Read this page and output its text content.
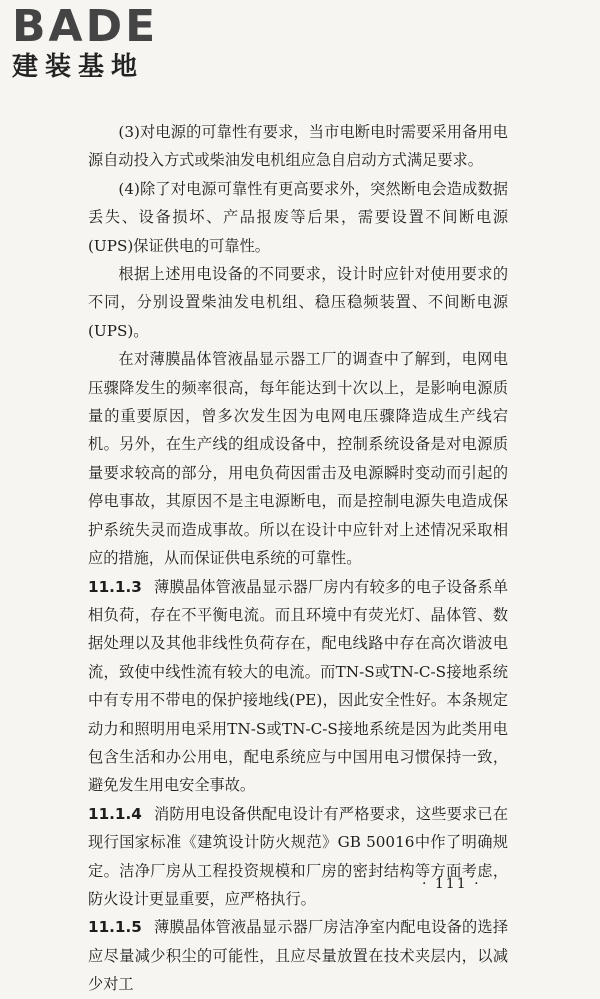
BADE
建装基地

(3)对电源的可靠性有要求，当市电断电时需要采用备用电源自动投入方式或柴油发电机组应急自启动方式满足要求。

(4)除了对电源可靠性有更高要求外，突然断电会造成数据丢失、设备损坏、产品报废等后果，需要设置不间断电源(UPS)保证供电的可靠性。

根据上述用电设备的不同要求，设计时应针对使用要求的不同，分别设置柴油发电机组、稳压稳频装置、不间断电源(UPS)。

在对薄膜晶体管液晶显示器工厂的调查中了解到，电网电压骤降发生的频率很高，每年能达到十次以上，是影响电源质量的重要原因，曾多次发生因为电网电压骤降造成生产线宕机。另外，在生产线的组成设备中，控制系统设备是对电源质量要求较高的部分，用电负荷因雷击及电源瞬时变动而引起的停电事故，其原因不是主电源断电，而是控制电源失电造成保护系统失灵而造成事故。所以在设计中应针对上述情况采取相应的措施，从而保证供电系统的可靠性。

11.1.3 薄膜晶体管液晶显示器厂房内有较多的电子设备系单相负荷，存在不平衡电流。而且环境中有荧光灯、晶体管、数据处理以及其他非线性负荷存在，配电线路中存在高次谐波电流，致使中线性流有较大的电流。而TN-S或TN-C-S接地系统中有专用不带电的保护接地线(PE)，因此安全性好。本条规定动力和照明用电采用TN-S或TN-C-S接地系统是因为此类用电包含生活和办公用电，配电系统应与中国用电习惯保持一致，避免发生用电安全事故。

11.1.4 消防用电设备供配电设计有严格要求，这些要求已在现行国家标准《建筑设计防火规范》GB 50016中作了明确规定。洁净厂房从工程投资规模和厂房的密封结构等方面考虑，防火设计更显重要，应严格执行。

11.1.5 薄膜晶体管液晶显示器厂房洁净室内配电设备的选择应尽量减少积尘的可能性，且应尽量放置在技术夹层内，以减少对工

· 111 ·
